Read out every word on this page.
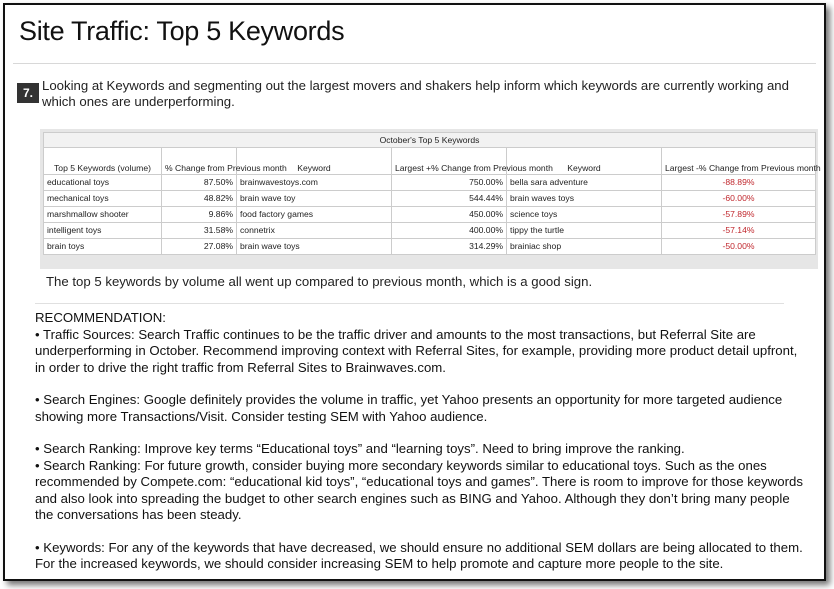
Site Traffic: Top 5 Keywords
7. Looking at Keywords and segmenting out the largest movers and shakers help inform which keywords are currently working and which ones are underperforming.
October's Top 5 Keywords					
Top 5 Keywords (volume)	% Change from Previous month	Keyword	Largest +% Change from Previous month	Keyword	Largest -% Change from Previous month
educational toys	87.50%	brainwavestoys.com	750.00%	bella sara adventure	-88.89%
mechanical toys	48.82%	brain wave toy	544.44%	brain waves toys	-60.00%
marshmallow shooter	9.86%	food factory games	450.00%	science toys	-57.89%
intelligent toys	31.58%	connetrix	400.00%	tippy the turtle	-57.14%
brain toys	27.08%	brain wave toys	314.29%	brainiac shop	-50.00%
The top 5 keywords by volume all went up compared to previous month, which is a good sign.

RECOMMENDATION:

• Traffic Sources: Search Traffic continues to be the traffic driver and amounts to the most transactions, but Referral Site are underperforming in October. Recommend improving context with Referral Sites, for example, providing more product detail upfront, in order to drive the right traffic from Referral Sites to Brainwaves.com.

• Search Engines: Google definitely provides the volume in traffic, yet Yahoo presents an opportunity for more targeted audience showing more Transactions/Visit. Consider testing SEM with Yahoo audience.

• Search Ranking: Improve key terms “Educational toys” and “learning toys”. Need to bring improve the ranking.

• Search Ranking: For future growth, consider buying more secondary keywords similar to educational toys. Such as the ones recommended by Compete.com: “educational kid toys”, “educational toys and games”. There is room to improve for those keywords and also look into spreading the budget to other search engines such as BING and Yahoo. Although they don’t bring many people the conversations has been steady.

• Keywords: For any of the keywords that have decreased, we should ensure no additional SEM dollars are being allocated to them. For the increased keywords, we should consider increasing SEM to help promote and capture more people to the site.
